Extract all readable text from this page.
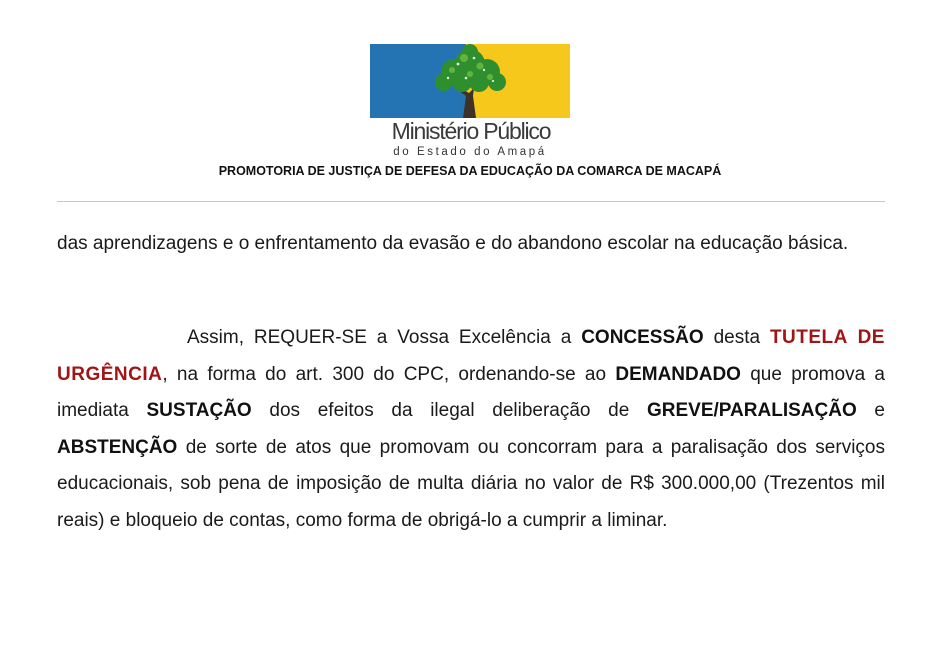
Ministério Público
do Estado do Amapá
PROMOTORIA DE JUSTIÇA DE DEFESA DA EDUCAÇÃO DA COMARCA DE MACAPÁ
das aprendizagens e o enfrentamento da evasão e do abandono escolar na educação básica.
Assim, REQUER-SE a Vossa Excelência a CONCESSÃO desta TUTELA DE URGÊNCIA, na forma do art. 300 do CPC, ordenando-se ao DEMANDADO que promova a imediata SUSTAÇÃO dos efeitos da ilegal deliberação de GREVE/PARALISAÇÃO e ABSTENÇÃO de sorte de atos que promovam ou concorram para a paralisação dos serviços educacionais, sob pena de imposição de multa diária no valor de R$ 300.000,00 (Trezentos mil reais) e bloqueio de contas, como forma de obrigá-lo a cumprir a liminar.
